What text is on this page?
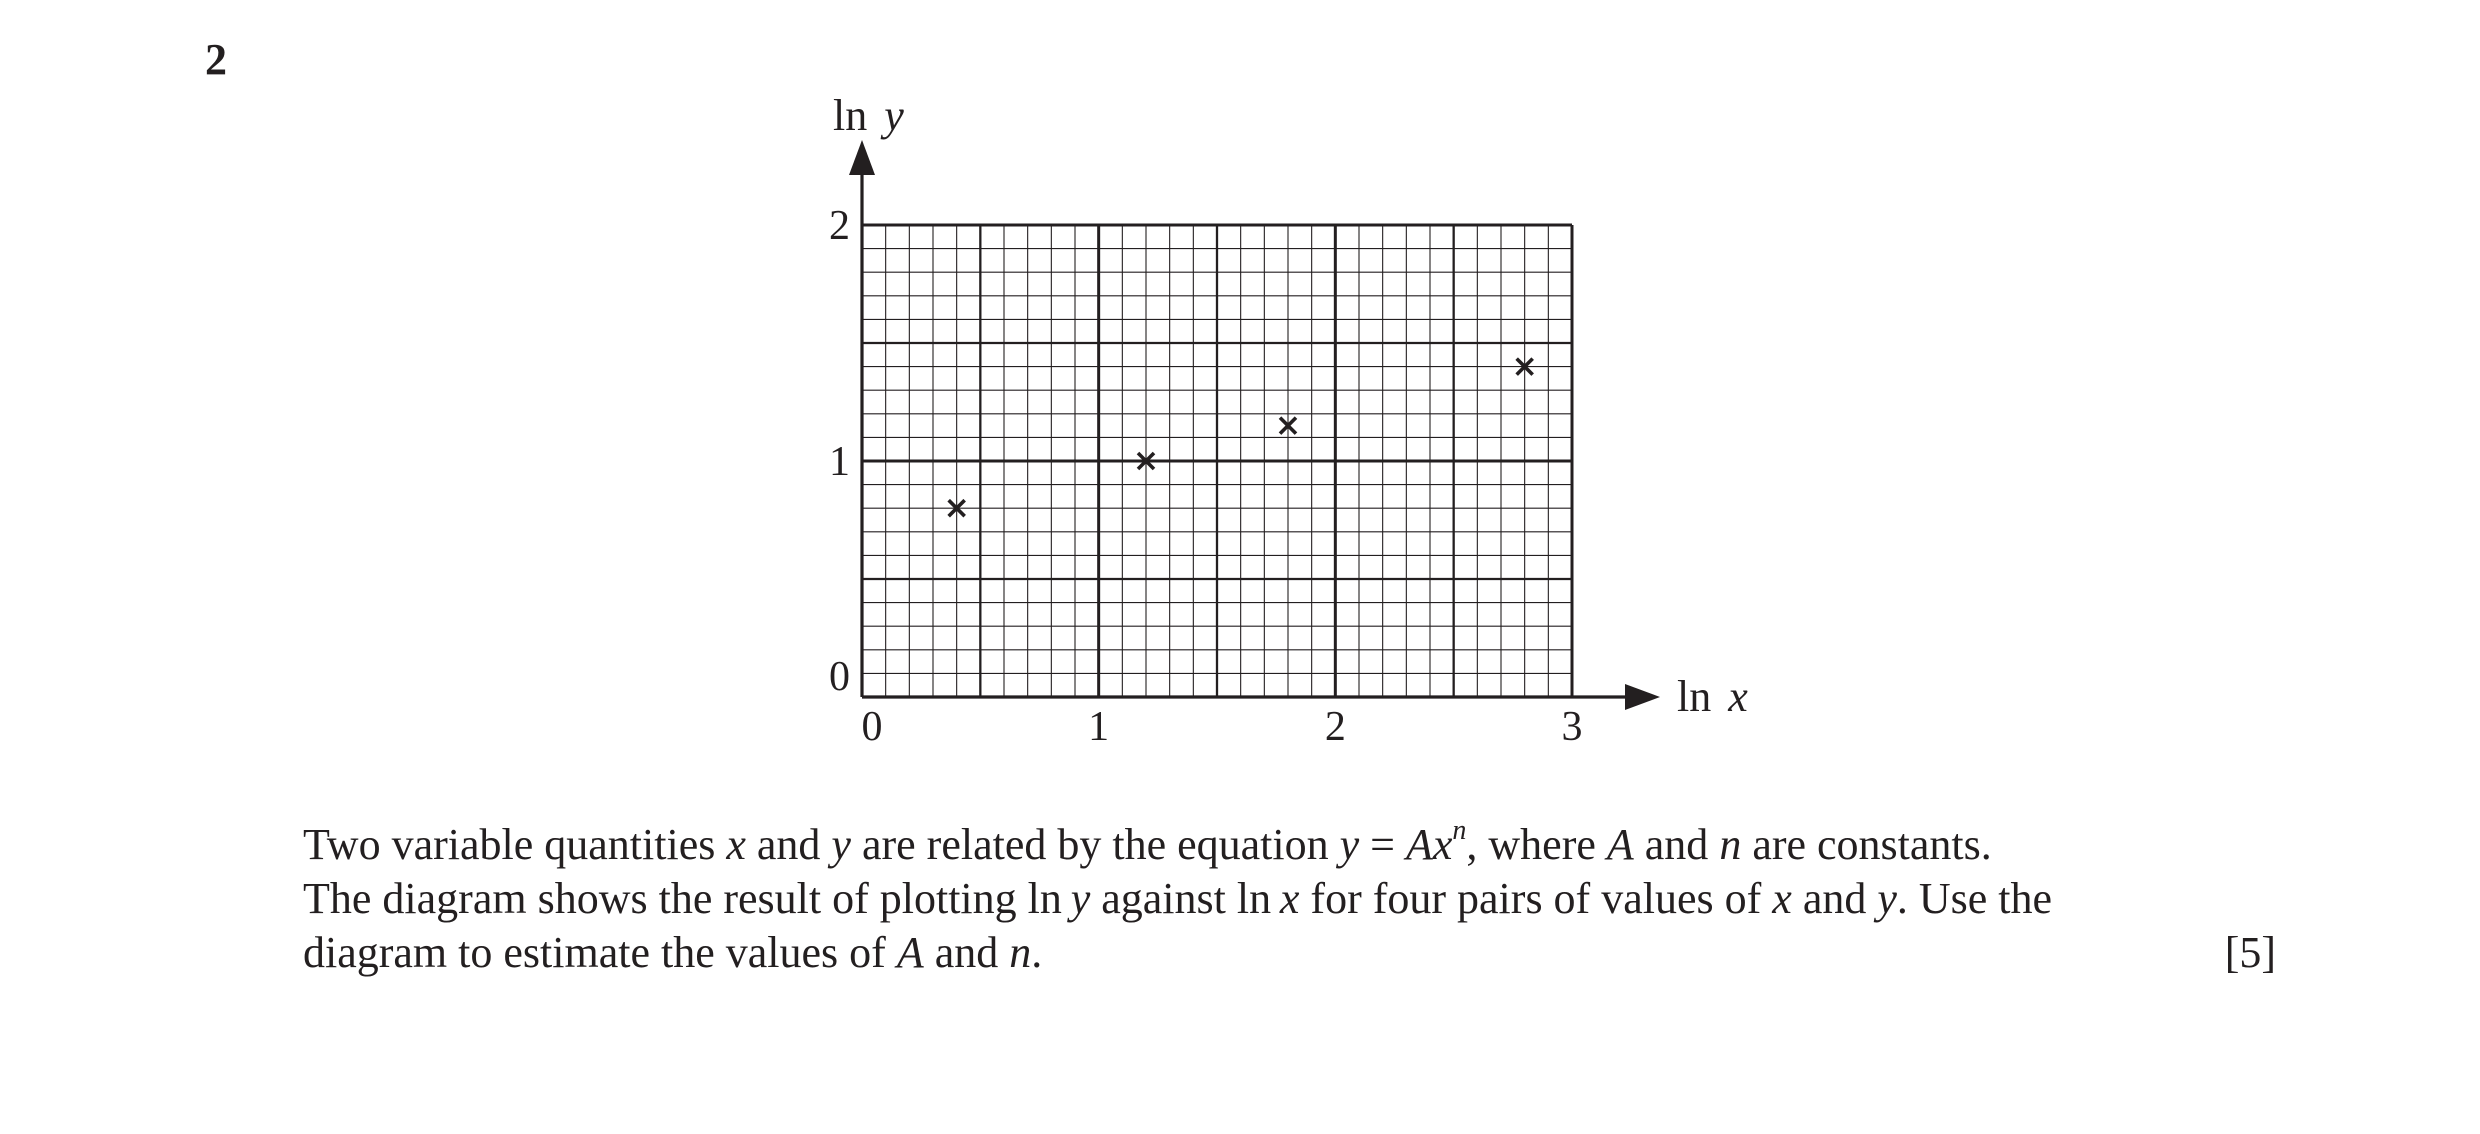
2
0	1	2	3
0
1
2
ln y
ln x
Two variable quantities x and y are related by the equation $y = Ax^n$, where A and n are constants.
The diagram shows the result of plotting ln y against ln x for four pairs of values of x and y. Use the
diagram to estimate the values of A and n.	[5]
